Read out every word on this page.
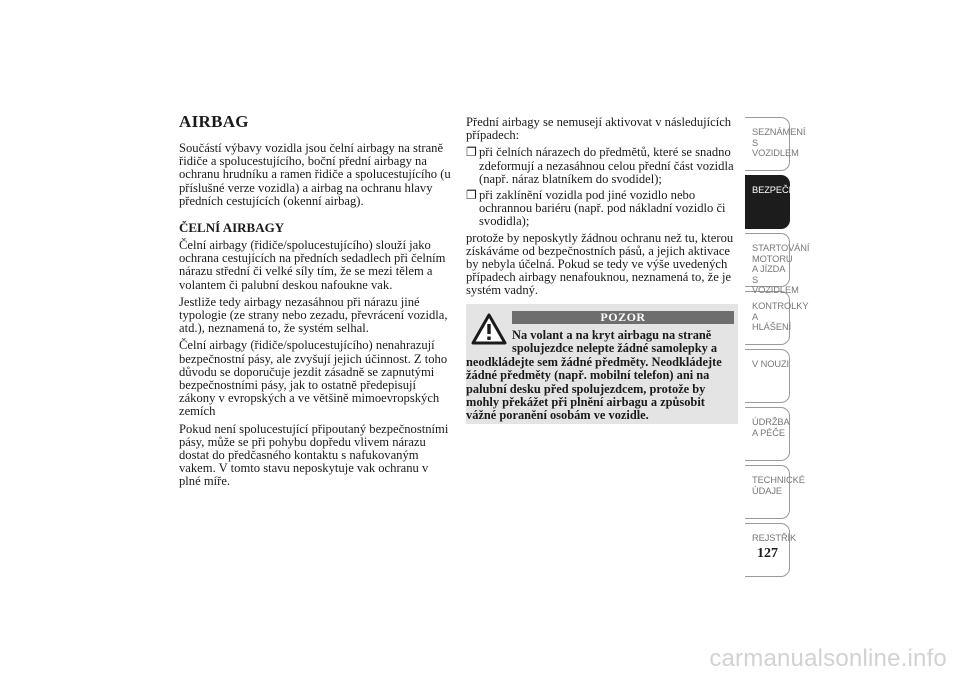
AIRBAG

Součástí výbavy vozidla jsou čelní airbagy na straně řidiče a spolucestujícího, boční přední airbagy na ochranu hrudníku a ramen řidiče a spolucestujícího (u příslušné verze vozidla) a airbag na ochranu hlavy předních cestujících (okenní airbag).

ČELNÍ AIRBAGY

Čelní airbagy (řidiče/spolucestujícího) slouží jako ochrana cestujících na předních sedadlech při čelním nárazu střední či velké síly tím, že se mezi tělem a volantem či palubní deskou nafoukne vak.

Jestliže tedy airbagy nezasáhnou při nárazu jiné typologie (ze strany nebo zezadu, převrácení vozidla, atd.), neznamená to, že systém selhal.

Čelní airbagy (řidiče/spolucestujícího) nenahrazují bezpečnostní pásy, ale zvyšují jejich účinnost. Z toho důvodu se doporučuje jezdit zásadně se zapnutými bezpečnostními pásy, jak to ostatně předepisují zákony v evropských a ve většině mimoevropských zemích

Pokud není spolucestující připoutaný bezpečnostními pásy, může se při pohybu dopředu vlivem nárazu dostat do předčasného kontaktu s nafukovaným vakem. V tomto stavu neposkytuje vak ochranu v plné míře.

Přední airbagy se nemusejí aktivovat v následujících případech:

❐ při čelních nárazech do předmětů, které se snadno zdeformují a nezasáhnou celou přední část vozidla (např. náraz blatníkem do svodidel);
❐ při zaklínění vozidla pod jiné vozidlo nebo ochrannou bariéru (např. pod nákladní vozidlo či svodidla);

protože by neposkytly žádnou ochranu než tu, kterou získáváme od bezpečnostních pásů, a jejich aktivace by nebyla účelná. Pokud se tedy ve výše uvedených případech airbagy nenafouknou, neznamená to, že je systém vadný.

POZOR
Na volant a na kryt airbagu na straně spolujezdce nelepte žádné samolepky a neodkládejte sem žádné předměty. Neodkládejte žádné předměty (např. mobilní telefon) ani na palubní desku před spolujezdcem, protože by mohly překážet při plnění airbagu a způsobit vážné poranění osobám ve vozidle.
SEZNÁMENÍ S VOZIDLEM
BEZPEČNOST
STARTOVÁNÍ MOTORU A JÍZDA S VOZIDLEM
KONTROLKY A HLÁŠENÍ
V NOUZI
ÚDRŽBA A PÉČE
TECHNICKÉ ÚDAJE
REJSTŘÍK
127
carmanualsonline.info
